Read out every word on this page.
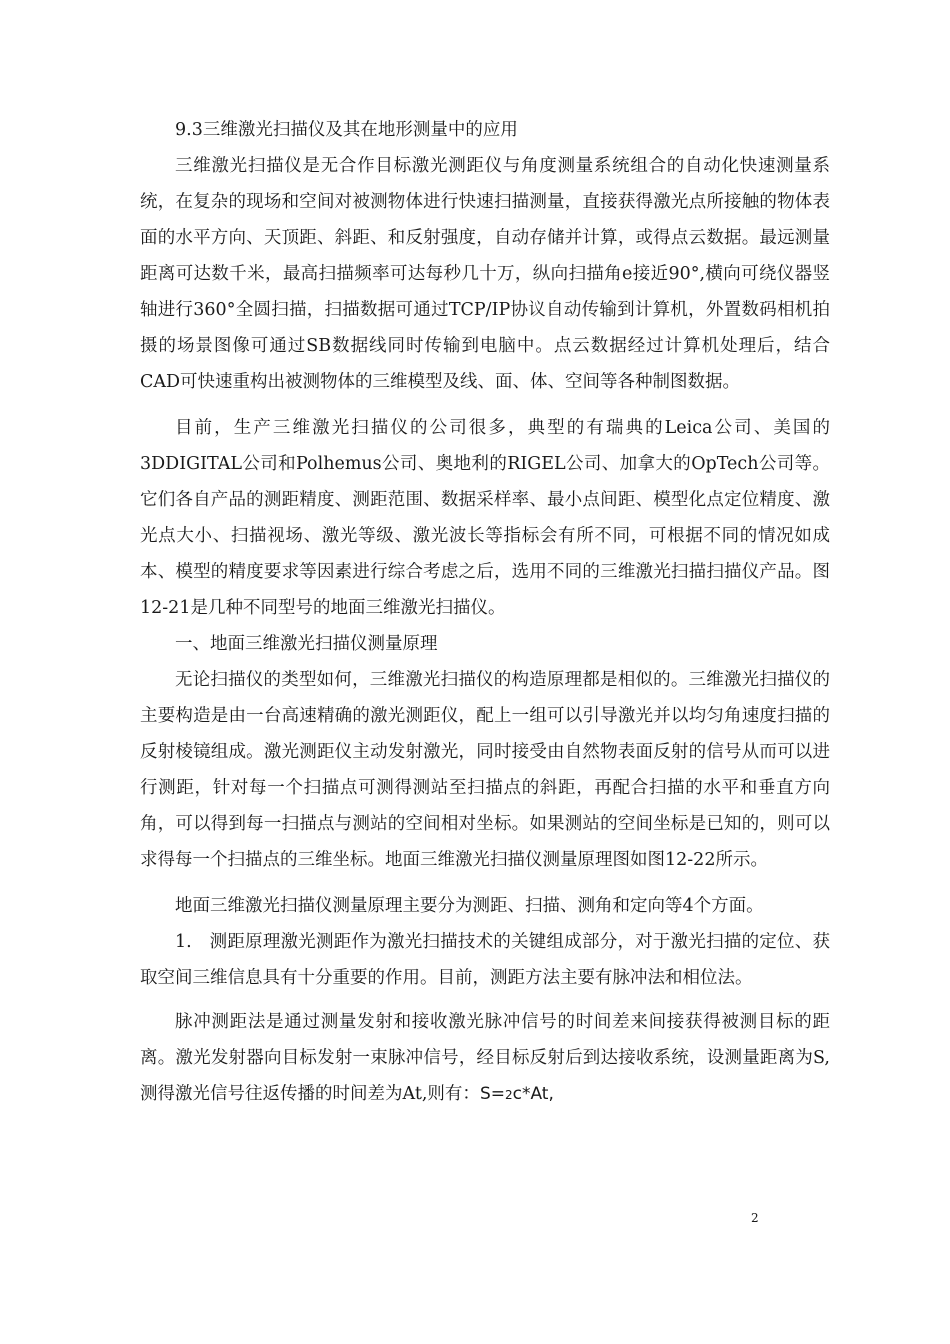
9.3三维激光扫描仪及其在地形测量中的应用

三维激光扫描仪是无合作目标激光测距仪与角度测量系统组合的自动化快速测量系统，在复杂的现场和空间对被测物体进行快速扫描测量，直接获得激光点所接触的物体表面的水平方向、天顶距、斜距、和反射强度，自动存储并计算，或得点云数据。最远测量距离可达数千米，最高扫描频率可达每秒几十万，纵向扫描角e接近90°,横向可绕仪器竖轴进行360°全圆扫描，扫描数据可通过TCP/IP协议自动传输到计算机，外置数码相机拍摄的场景图像可通过SB数据线同时传输到电脑中。点云数据经过计算机处理后，结合CAD可快速重构出被测物体的三维模型及线、面、体、空间等各种制图数据。

目前，生产三维激光扫描仪的公司很多，典型的有瑞典的Leica公司、美国的3DDIGITAL公司和Polhemus公司、奥地利的RIGEL公司、加拿大的OpTech公司等。它们各自产品的测距精度、测距范围、数据采样率、最小点间距、模型化点定位精度、激光点大小、扫描视场、激光等级、激光波长等指标会有所不同，可根据不同的情况如成本、模型的精度要求等因素进行综合考虑之后，选用不同的三维激光扫描扫描仪产品。图12-21是几种不同型号的地面三维激光扫描仪。

一、地面三维激光扫描仪测量原理

无论扫描仪的类型如何，三维激光扫描仪的构造原理都是相似的。三维激光扫描仪的主要构造是由一台高速精确的激光测距仪，配上一组可以引导激光并以均匀角速度扫描的反射棱镜组成。激光测距仪主动发射激光，同时接受由自然物表面反射的信号从而可以进行测距，针对每一个扫描点可测得测站至扫描点的斜距，再配合扫描的水平和垂直方向角，可以得到每一扫描点与测站的空间相对坐标。如果测站的空间坐标是已知的，则可以求得每一个扫描点的三维坐标。地面三维激光扫描仪测量原理图如图12-22所示。

地面三维激光扫描仪测量原理主要分为测距、扫描、测角和定向等4个方面。

1.　测距原理激光测距作为激光扫描技术的关键组成部分，对于激光扫描的定位、获取空间三维信息具有十分重要的作用。目前，测距方法主要有脉冲法和相位法。

脉冲测距法是通过测量发射和接收激光脉冲信号的时间差来间接获得被测目标的距离。激光发射器向目标发射一束脉冲信号，经目标反射后到达接收系统，设测量距离为S,测得激光信号往返传播的时间差为At,则有：S=2c*At,

2
